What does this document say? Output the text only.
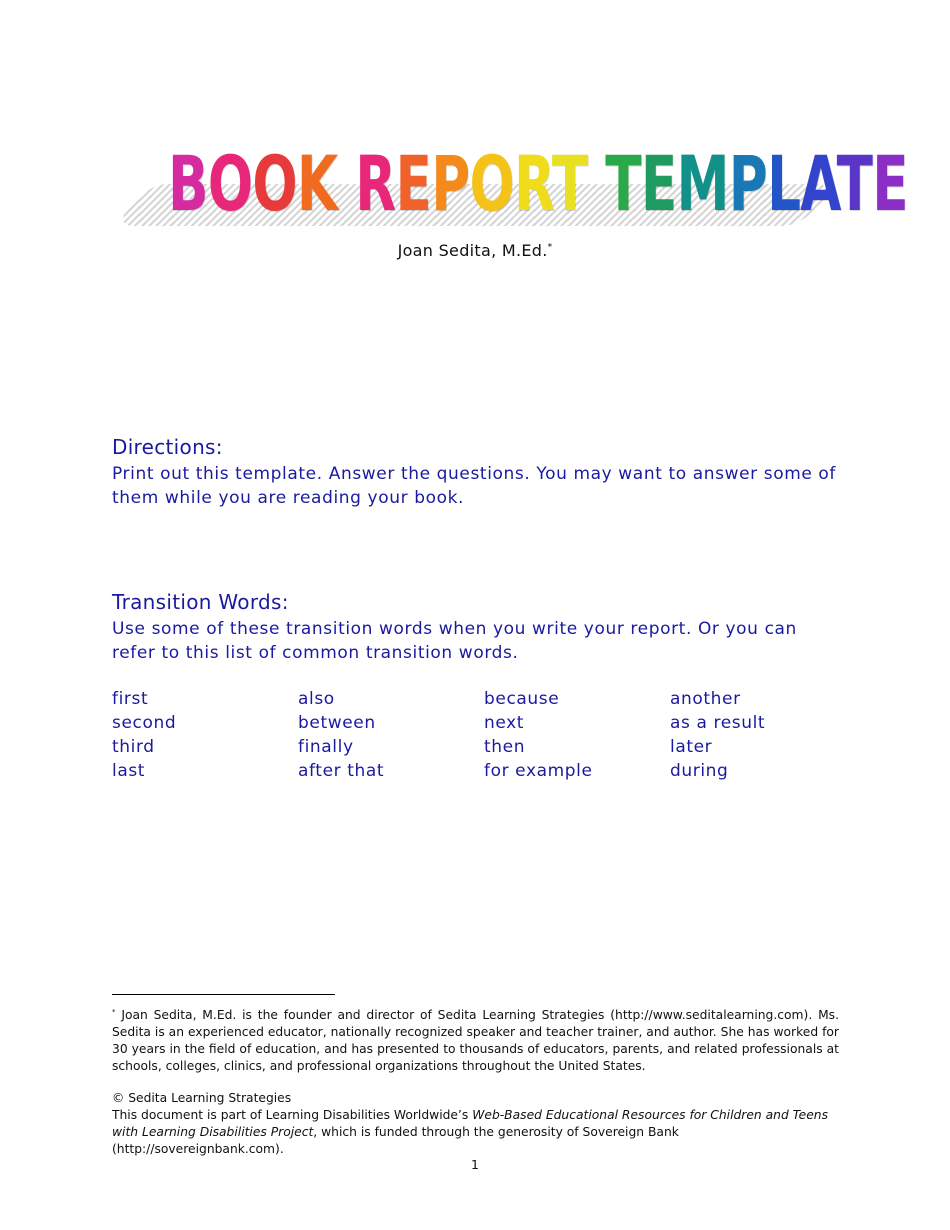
BOOK REPORT TEMPLATE
Joan Sedita, M.Ed.*
Directions:
Print out this template. Answer the questions. You may want to answer some of them while you are reading your book.
Transition Words:
Use some of these transition words when you write your report. Or you can refer to this list of common transition words.
first	also	because	another
second	between	next	as a result
third	finally	then	later
last	after that	for example	during
* Joan Sedita, M.Ed. is the founder and director of Sedita Learning Strategies (http://www.seditalearning.com). Ms. Sedita is an experienced educator, nationally recognized speaker and teacher trainer, and author. She has worked for 30 years in the field of education, and has presented to thousands of educators, parents, and related professionals at schools, colleges, clinics, and professional organizations throughout the United States.
© Sedita Learning Strategies
This document is part of Learning Disabilities Worldwide’s Web-Based Educational Resources for Children and Teens with Learning Disabilities Project, which is funded through the generosity of Sovereign Bank (http://sovereignbank.com).
1
